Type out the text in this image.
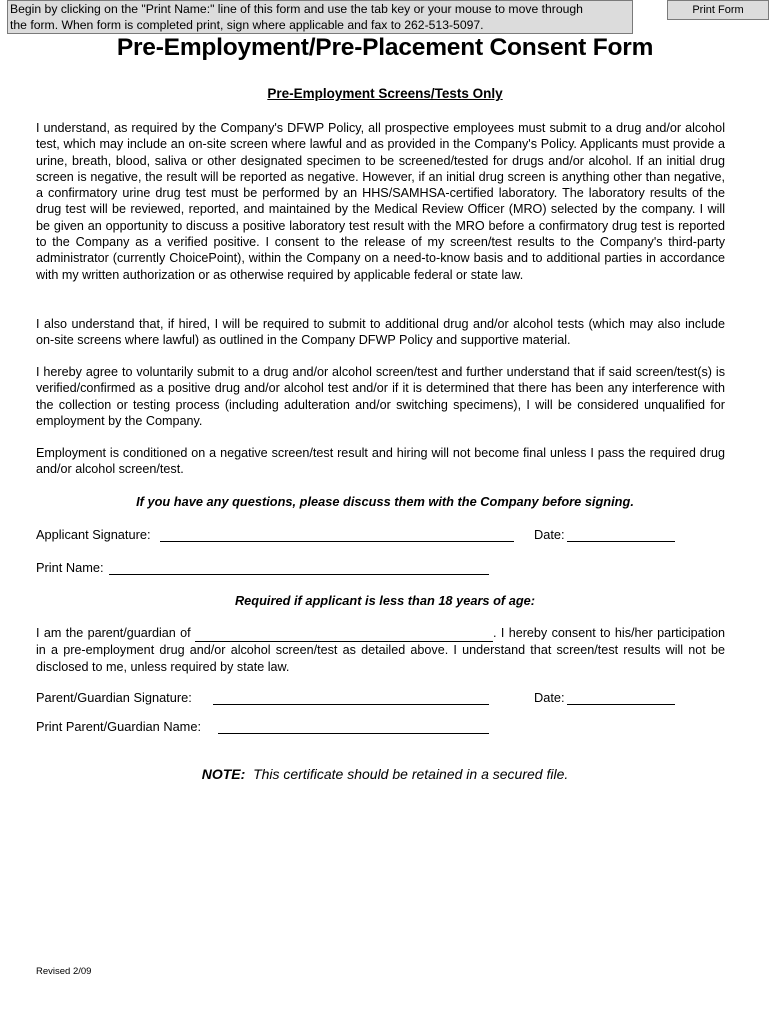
Begin by clicking on the "Print Name:" line of this form and use the tab key or your mouse to move through
the form. When form is completed print, sign where applicable and fax to 262-513-5097.
Print Form
Pre-Employment/Pre-Placement Consent Form
Pre-Employment Screens/Tests Only

I understand, as required by the Company's DFWP Policy, all prospective employees must submit to a drug and/or alcohol test, which may include an on-site screen where lawful and as provided in the Company's Policy. Applicants must provide a urine, breath, blood, saliva or other designated specimen to be screened/tested for drugs and/or alcohol. If an initial drug screen is negative, the result will be reported as negative. However, if an initial drug screen is anything other than negative, a confirmatory urine drug test must be performed by an HHS/SAMHSA-certified laboratory. The laboratory results of the drug test will be reviewed, reported, and maintained by the Medical Review Officer (MRO) selected by the company. I will be given an opportunity to discuss a positive laboratory test result with the MRO before a confirmatory drug test is reported to the Company as a verified positive. I consent to the release of my screen/test results to the Company's third-party administrator (currently ChoicePoint), within the Company on a need-to-know basis and to additional parties in accordance with my written authorization or as otherwise required by applicable federal or state law.

I also understand that, if hired, I will be required to submit to additional drug and/or alcohol tests (which may also include on-site screens where lawful) as outlined in the Company DFWP Policy and supportive material.

I hereby agree to voluntarily submit to a drug and/or alcohol screen/test and further understand that if said screen/test(s) is verified/confirmed as a positive drug and/or alcohol test and/or if it is determined that there has been any interference with the collection or testing process (including adulteration and/or switching specimens), I will be considered unqualified for employment by the Company.

Employment is conditioned on a negative screen/test result and hiring will not become final unless I pass the required drug and/or alcohol screen/test.

If you have any questions, please discuss them with the Company before signing.
Applicant Signature:	Date:
Print Name:
Required if applicant is less than 18 years of age:

I am the parent/guardian of	. I hereby consent to his/her participation in a pre-employment drug and/or alcohol screen/test as detailed above. I understand that screen/test results will not be disclosed to me, unless required by state law.

Parent/Guardian Signature:	Date:
Print Parent/Guardian Name:
NOTE: This certificate should be retained in a secured file.
Revised 2/09
